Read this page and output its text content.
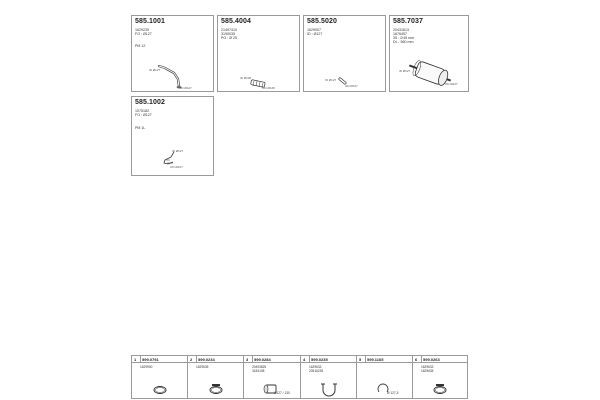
585.1001
1629239
FO : Ø127
PM 12
ID Ø127
OD Ø127
585.4004
21497410
3190035
PO : Ø 25
ID Ø126
OD Ø128
585.5020
1629007
ID : Ø127
ID Ø127
OD Ø127
585.7037
20431613
1676457
35 : ∅45 mm
DL : 560 mm
ID Ø127
OD Ø127
585.1002
1075182
FO : Ø127
PM 1L
ID Ø127
OD Ø127
1 599.0791
1629900
2 599.0234
1629635
3 599.0284
20493825
3184108
Ø127 / 130
4 599.0235
1629633
20516235
5 599.1165
Ø 127,5
6 599.0263
1629633
1629635
